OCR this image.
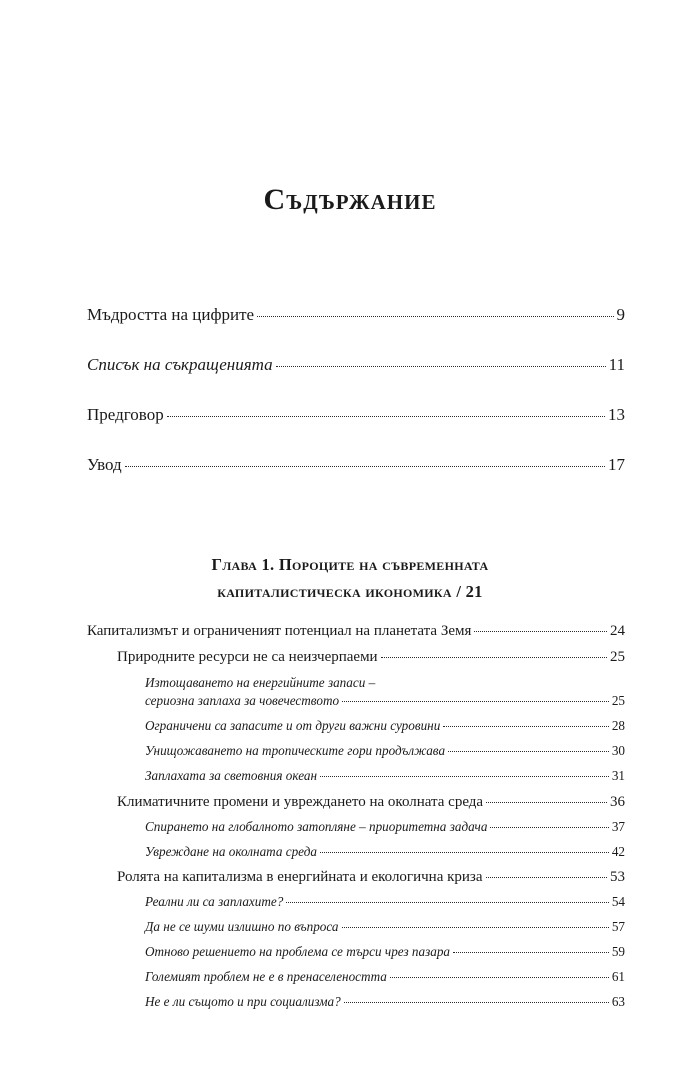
Съдържание
Мъдростта на цифрите	9
Списък на съкращенията	11
Предговор	13
Увод	17
Глава 1. Пороците на съвременната
капиталистическа икономика / 21
Капитализмът и ограниченият потенциал на планетата Земя	24
Природните ресурси не са неизчерпаеми	25
Изтощаването на енергийните запаси –
сериозна заплаха за човечеството	25
Ограничени са запасите и от други важни суровини	28
Унищожаването на тропическите гори продължава	30
Заплахата за световния океан	31
Климатичните промени и увреждането на околната среда	36
Спирането на глобалното затопляне – приоритетна задача	37
Увреждане на околната среда	42
Ролята на капитализма в енергийната и екологична криза	53
Реални ли са заплахите?	54
Да не се шуми излишно по въпроса	57
Отново решението на проблема се търси чрез пазара	59
Големият проблем не е в пренаселеността	61
Не е ли същото и при социализма?	63
